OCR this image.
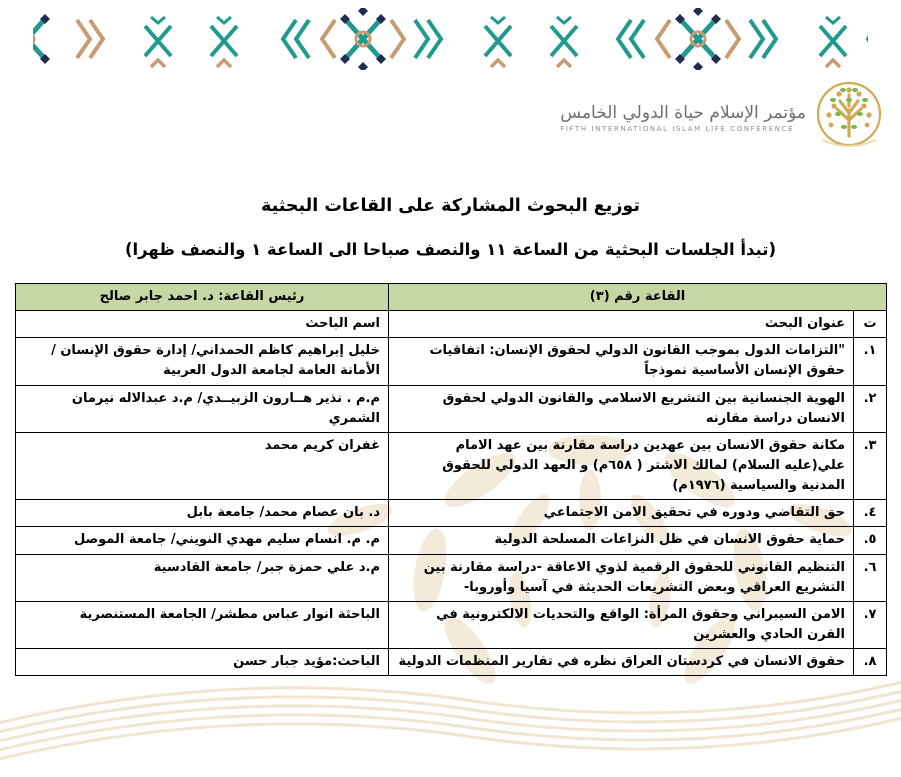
مؤتمر الإسلام حياة الدولي الخامس
FIFTH INTERNATIONAL ISLAM LIFE CONFERENCE
توزيع البحوث المشاركة على القاعات البحثية
(تبدأ الجلسات البحثية من الساعة ١١ والنصف صباحا الى الساعة ١ والنصف ظهرا)
القاعة رقم (٣)		رئيس القاعة: د. احمد جابر صالح
ت	عنوان البحث	اسم الباحث
١.	"التزامات الدول بموجب القانون الدولي لحقوق الإنسان: اتفاقيات حقوق الإنسان الأساسية نموذجاً	خليل إبراهيم كاظم الحمداني/ إدارة حقوق الإنسان / الأمانة العامة لجامعة الدول العربية
٢.	الهوية الجنسانية بين التشريع الاسلامي والقانون الدولي لحقوق الانسان دراسة مقارنه	م.م . نذير هــارون الزبيــدي/ م.د عبدالاله نيرمان الشمري
٣.	مكانة حقوق الانسان بين عهدين دراسة مقارنة بين عهد الامام علي(عليه السلام) لمالك الاشتر ( ٦٥٨م) و العهد الدولي للحقوق المدنية والسياسية (١٩٧٦م)	غفران كريم محمد
٤.	حق التقاضي ودوره في تحقيق الامن الاجتماعي	د. بان عصام محمد/ جامعة بابل
٥.	حماية حقوق الانسان في ظل النزاعات المسلحة الدولية	م. م. انسام سليم مهدي النويني/ جامعة الموصل
٦.	التنظيم القانوني للحقوق الرقمية لذوي الاعاقة -دراسة مقارنة بين التشريع العراقي وبعض التشريعات الحديثة في آسيا وأوروبا-	م.د علي حمزة جبر/ جامعة القادسية
٧.	الامن السيبراني وحقوق المرأة: الواقع والتحديات الالكترونية في القرن الحادي والعشرين	الباحثة انوار عباس مطشر/ الجامعة المستنصرية
٨.	حقوق الانسان في كردستان العراق نظره في تقارير المنظمات الدولية	الباحث:مؤيد جبار حسن
